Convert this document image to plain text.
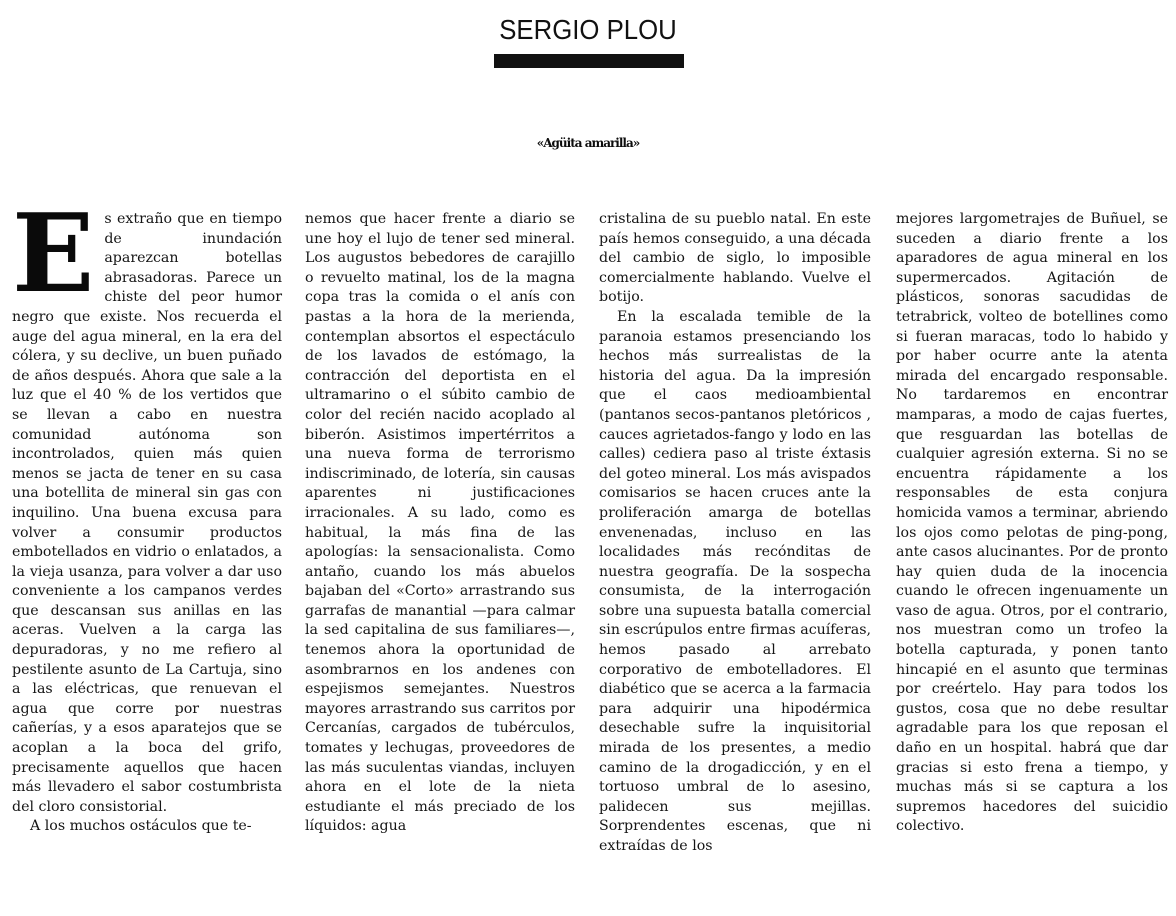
SERGIO PLOU
«Agüita amarilla»

Es extraño que en tiempo de inundación aparezcan botellas abrasadoras. Parece un chiste del peor humor negro que existe. Nos recuerda el auge del agua mineral, en la era del cólera, y su declive, un buen puñado de años después. Ahora que sale a la luz que el 40 % de los vertidos que se llevan a cabo en nuestra comunidad autónoma son incontrolados, quien más quien menos se jacta de tener en su casa una botellita de mineral sin gas con inquilino. Una buena excusa para volver a consumir productos embotellados en vidrio o enlatados, a la vieja usanza, para volver a dar uso conveniente a los campanos verdes que descansan sus anillas en las aceras. Vuelven a la carga las depuradoras, y no me refiero al pestilente asunto de La Cartuja, sino a las eléctricas, que renuevan el agua que corre por nuestras cañerías, y a esos aparatejos que se acoplan a la boca del grifo, precisamente aquellos que hacen más llevadero el sabor costumbrista del cloro consistorial.

A los muchos ostáculos que te-

nemos que hacer frente a diario se une hoy el lujo de tener sed mineral. Los augustos bebedores de carajillo o revuelto matinal, los de la magna copa tras la comida o el anís con pastas a la hora de la merienda, contemplan absortos el espectáculo de los lavados de estómago, la contracción del deportista en el ultramarino o el súbito cambio de color del recién nacido acoplado al biberón. Asistimos impertérritos a una nueva forma de terrorismo indiscriminado, de lotería, sin causas aparentes ni justificaciones irracionales. A su lado, como es habitual, la más fina de las apologías: la sensacionalista. Como antaño, cuando los más abuelos bajaban del «Corto» arrastrando sus garrafas de manantial —para calmar la sed capitalina de sus familiares—, tenemos ahora la oportunidad de asombrarnos en los andenes con espejismos semejantes. Nuestros mayores arrastrando sus carritos por Cercanías, cargados de tubérculos, tomates y lechugas, proveedores de las más suculentas viandas, incluyen ahora en el lote de la nieta estudiante el más preciado de los líquidos: agua

cristalina de su pueblo natal. En este país hemos conseguido, a una década del cambio de siglo, lo imposible comercialmente hablando. Vuelve el botijo.

En la escalada temible de la paranoia estamos presenciando los hechos más surrealistas de la historia del agua. Da la impresión que el caos medioambiental (pantanos secos-pantanos pletóricos , cauces agrietados-fango y lodo en las calles) cediera paso al triste éxtasis del goteo mineral. Los más avispados comisarios se hacen cruces ante la proliferación amarga de botellas envenenadas, incluso en las localidades más recónditas de nuestra geografía. De la sospecha consumista, de la interrogación sobre una supuesta batalla comercial sin escrúpulos entre firmas acuíferas, hemos pasado al arrebato corporativo de embotelladores. El diabético que se acerca a la farmacia para adquirir una hipodérmica desechable sufre la inquisitorial mirada de los presentes, a medio camino de la drogadicción, y en el tortuoso umbral de lo asesino, palidecen sus mejillas. Sorprendentes escenas, que ni extraídas de los

mejores largometrajes de Buñuel, se suceden a diario frente a los aparadores de agua mineral en los supermercados. Agitación de plásticos, sonoras sacudidas de tetrabrick, volteo de botellines como si fueran maracas, todo lo habido y por haber ocurre ante la atenta mirada del encargado responsable. No tardaremos en encontrar mamparas, a modo de cajas fuertes, que resguardan las botellas de cualquier agresión externa. Si no se encuentra rápidamente a los responsables de esta conjura homicida vamos a terminar, abriendo los ojos como pelotas de ping-pong, ante casos alucinantes. Por de pronto hay quien duda de la inocencia cuando le ofrecen ingenuamente un vaso de agua. Otros, por el contrario, nos muestran como un trofeo la botella capturada, y ponen tanto hincapié en el asunto que terminas por creértelo. Hay para todos los gustos, cosa que no debe resultar agradable para los que reposan el daño en un hospital. habrá que dar gracias si esto frena a tiempo, y muchas más si se captura a los supremos hacedores del suicidio colectivo.
